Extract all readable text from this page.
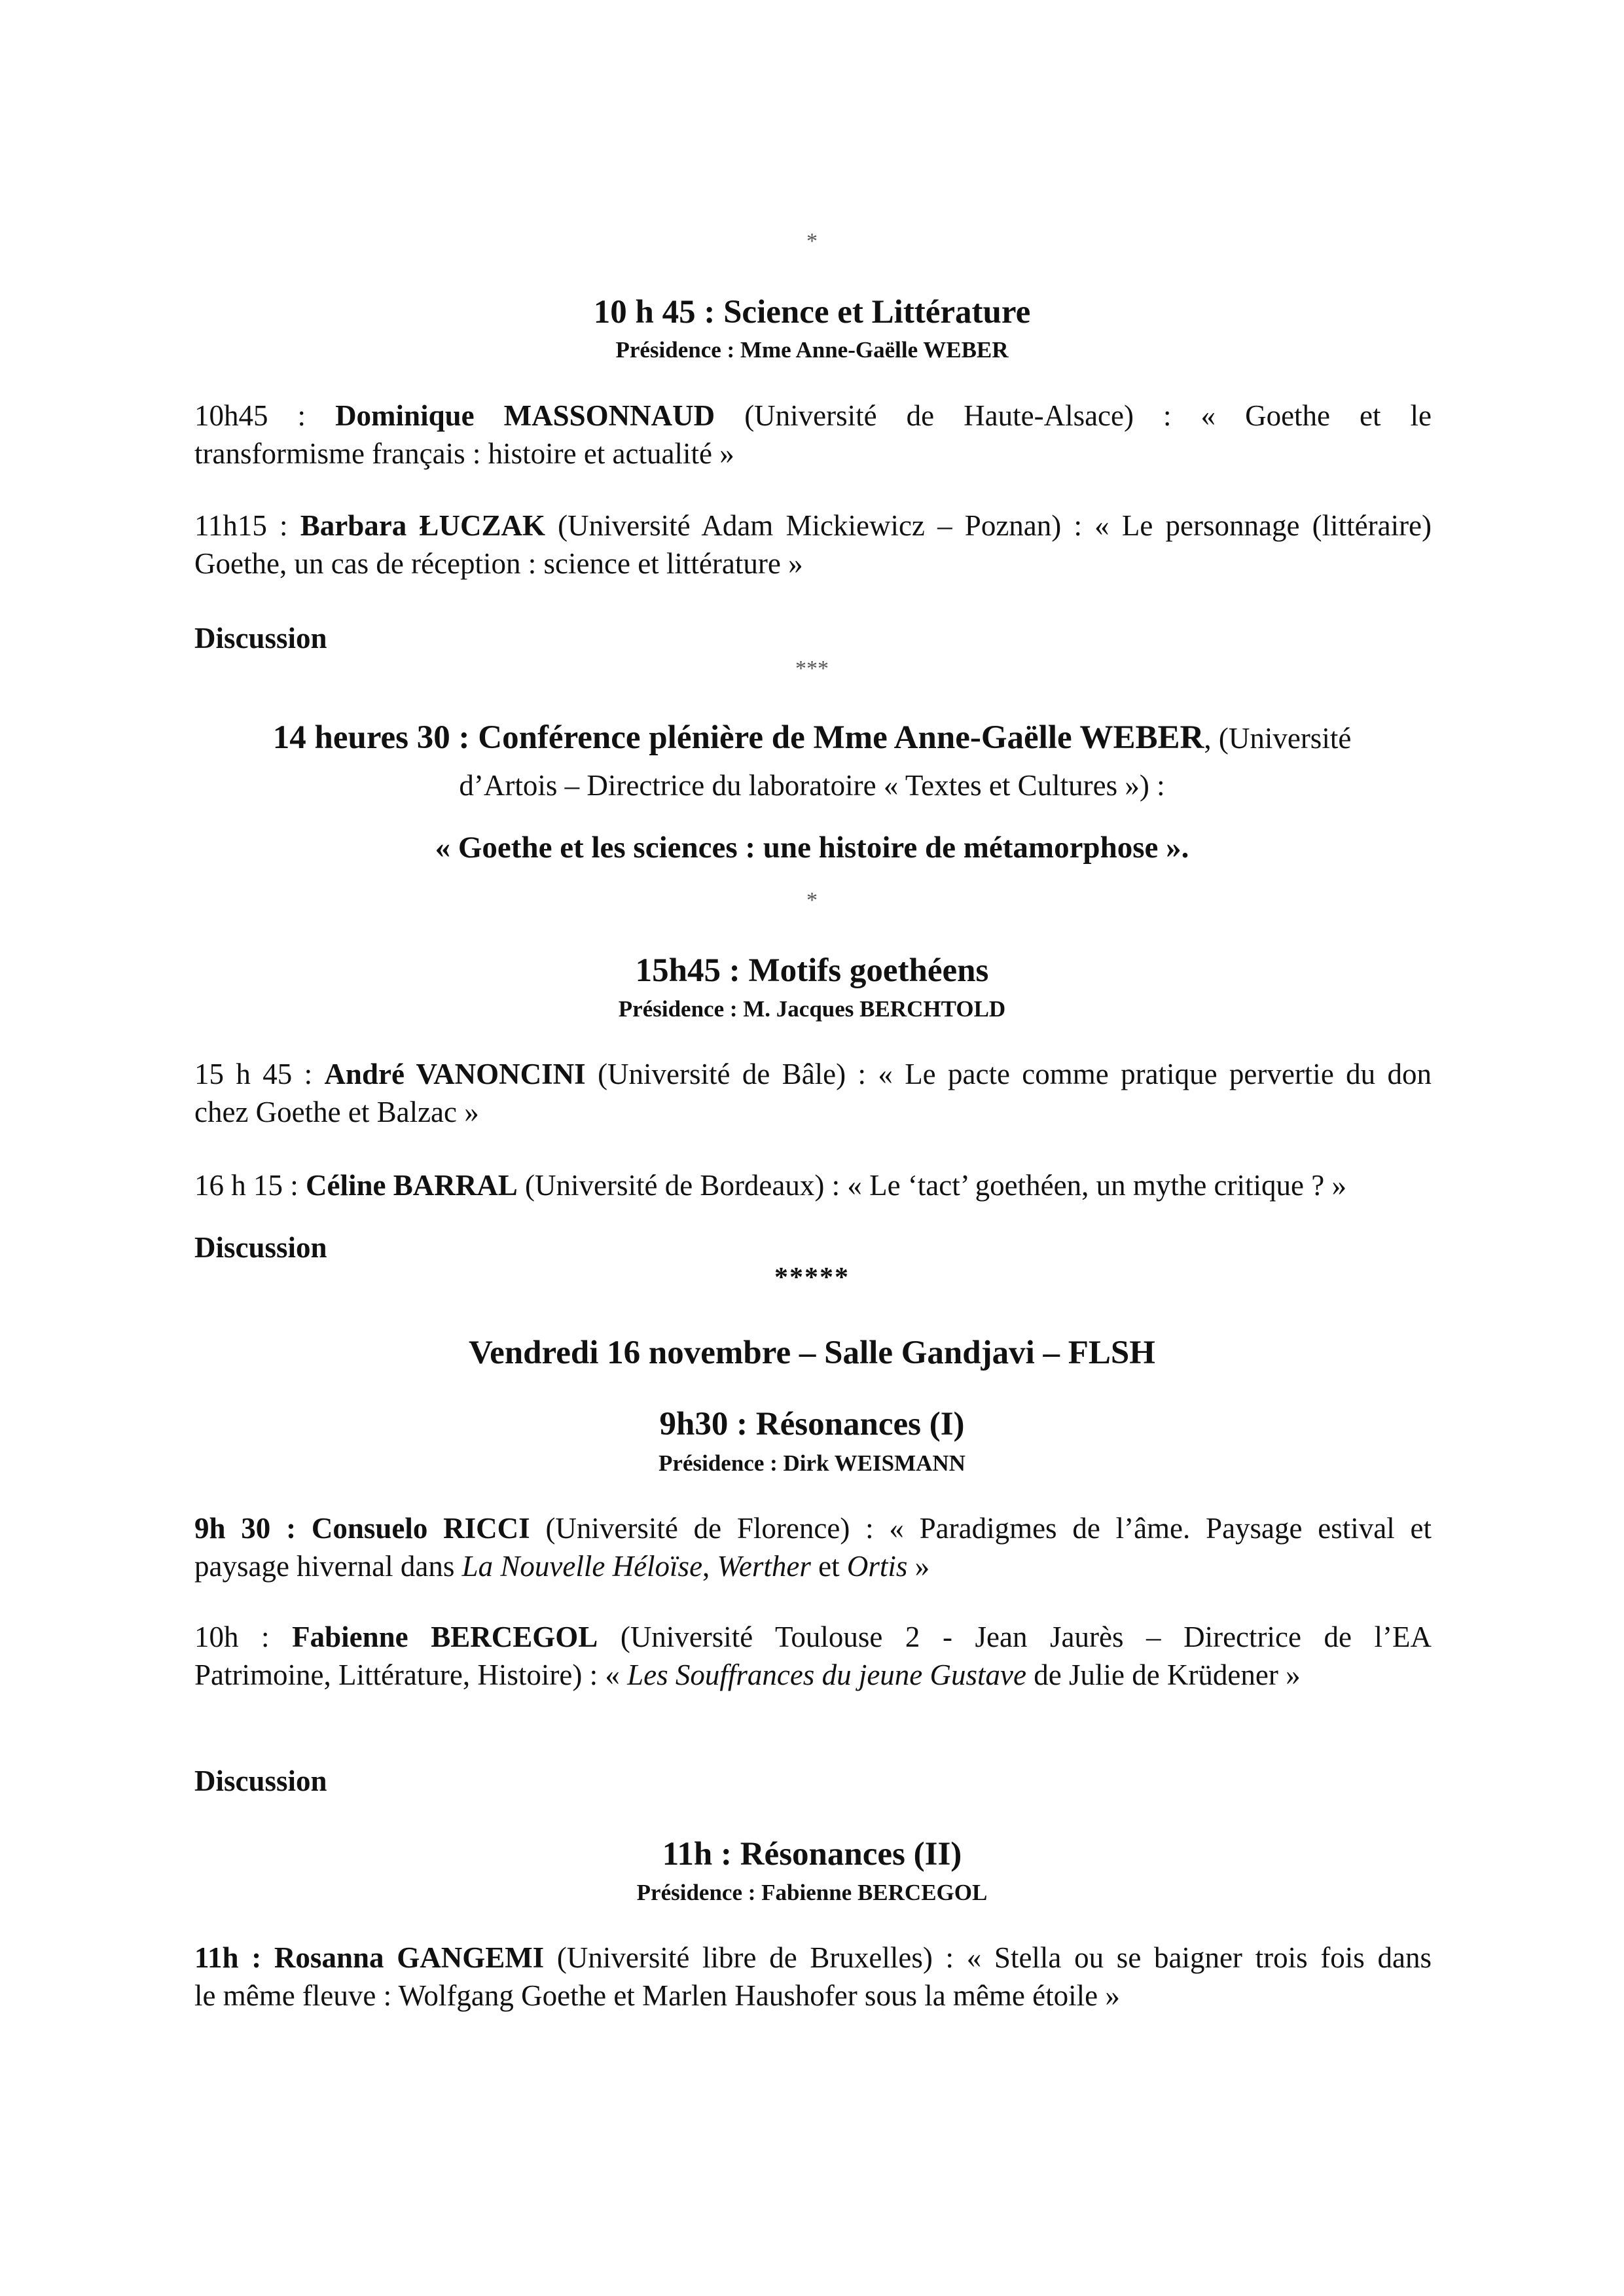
*
10 h 45 : Science et Littérature
Présidence : Mme Anne-Gaëlle WEBER
10h45 : Dominique MASSONNAUD (Université de Haute-Alsace) : « Goethe et le
transformisme français : histoire et actualité »
11h15 : Barbara ŁUCZAK (Université Adam Mickiewicz – Poznan) : « Le personnage (littéraire)
Goethe, un cas de réception : science et littérature »
Discussion
***
14 heures 30 : Conférence plénière de Mme Anne-Gaëlle WEBER, (Université
d’Artois – Directrice du laboratoire « Textes et Cultures ») :
« Goethe et les sciences : une histoire de métamorphose ».
*
15h45 : Motifs goethéens
Présidence : M. Jacques BERCHTOLD
15 h 45 : André VANONCINI (Université de Bâle) : « Le pacte comme pratique pervertie du don
chez Goethe et Balzac »
16 h 15 : Céline BARRAL (Université de Bordeaux) : « Le ‘tact’ goethéen, un mythe critique ? »
Discussion
*****
Vendredi 16 novembre – Salle Gandjavi – FLSH
9h30 : Résonances (I)
Présidence : Dirk WEISMANN
9h 30 : Consuelo RICCI (Université de Florence) : « Paradigmes de l’âme. Paysage estival et
paysage hivernal dans La Nouvelle Héloïse, Werther et Ortis »
10h : Fabienne BERCEGOL (Université Toulouse 2 - Jean Jaurès – Directrice de l’EA
Patrimoine, Littérature, Histoire) : « Les Souffrances du jeune Gustave de Julie de Krüdener »
Discussion
11h : Résonances (II)
Présidence : Fabienne BERCEGOL
11h : Rosanna GANGEMI (Université libre de Bruxelles) : « Stella ou se baigner trois fois dans
le même fleuve : Wolfgang Goethe et Marlen Haushofer sous la même étoile »
